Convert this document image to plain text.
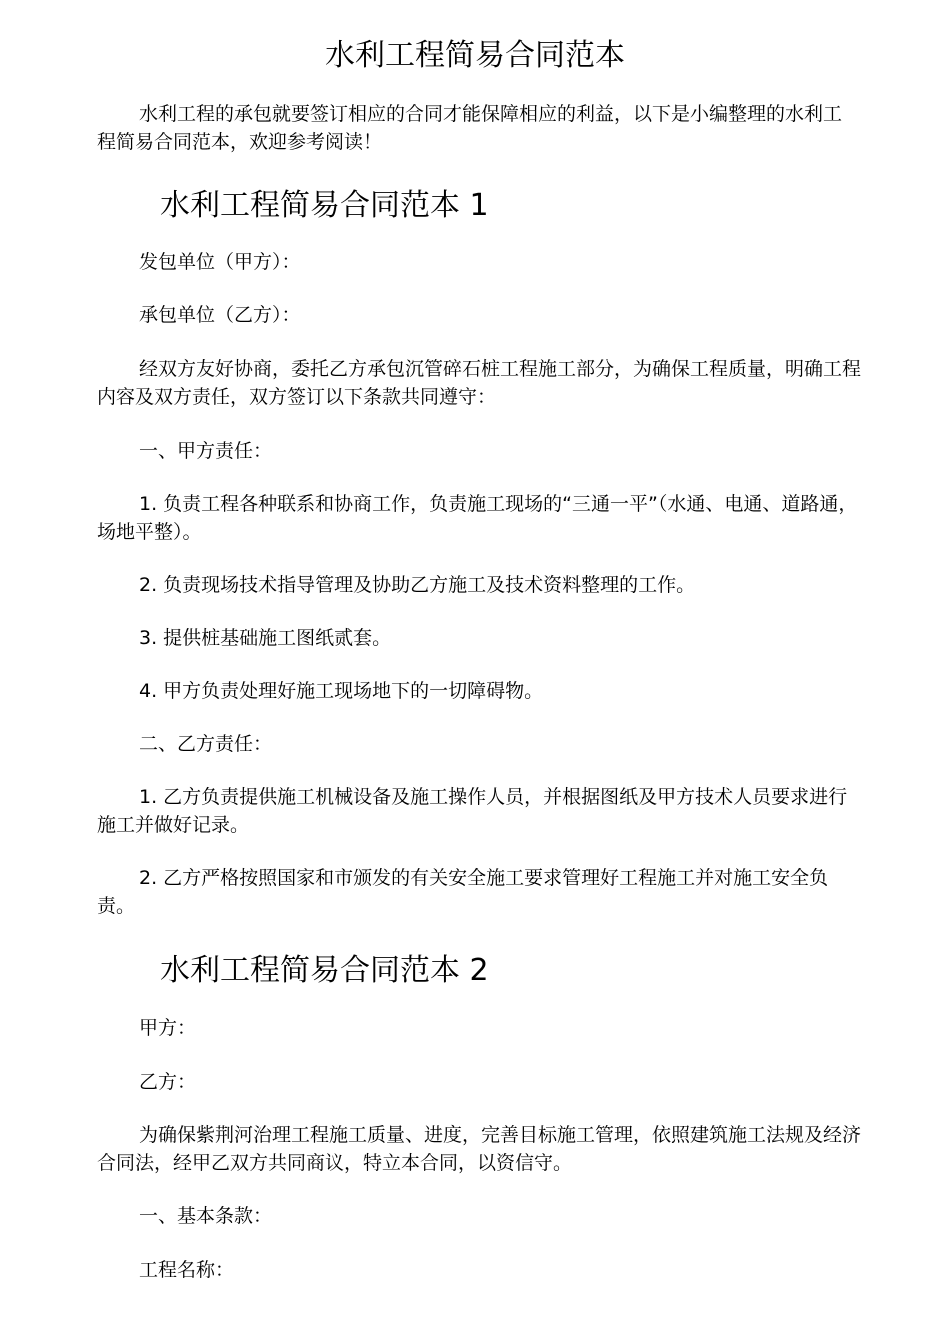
水利工程简易合同范本
水利工程的承包就要签订相应的合同才能保障相应的利益，以下是小编整理的水利工程简易合同范本，欢迎参考阅读！
水利工程简易合同范本 1
发包单位（甲方）：
承包单位（乙方）：
经双方友好协商，委托乙方承包沉管碎石桩工程施工部分，为确保工程质量，明确工程内容及双方责任，双方签订以下条款共同遵守：
一、甲方责任：
1. 负责工程各种联系和协商工作，负责施工现场的“三通一平”（水通、电通、道路通，场地平整）。
2. 负责现场技术指导管理及协助乙方施工及技术资料整理的工作。
3. 提供桩基础施工图纸贰套。
4. 甲方负责处理好施工现场地下的一切障碍物。
二、乙方责任：
1. 乙方负责提供施工机械设备及施工操作人员，并根据图纸及甲方技术人员要求进行施工并做好记录。
2. 乙方严格按照国家和市颁发的有关安全施工要求管理好工程施工并对施工安全负责。
水利工程简易合同范本 2
甲方：
乙方：
为确保紫荆河治理工程施工质量、进度，完善目标施工管理，依照建筑施工法规及经济合同法，经甲乙双方共同商议，特立本合同，以资信守。
一、基本条款：
工程名称：
